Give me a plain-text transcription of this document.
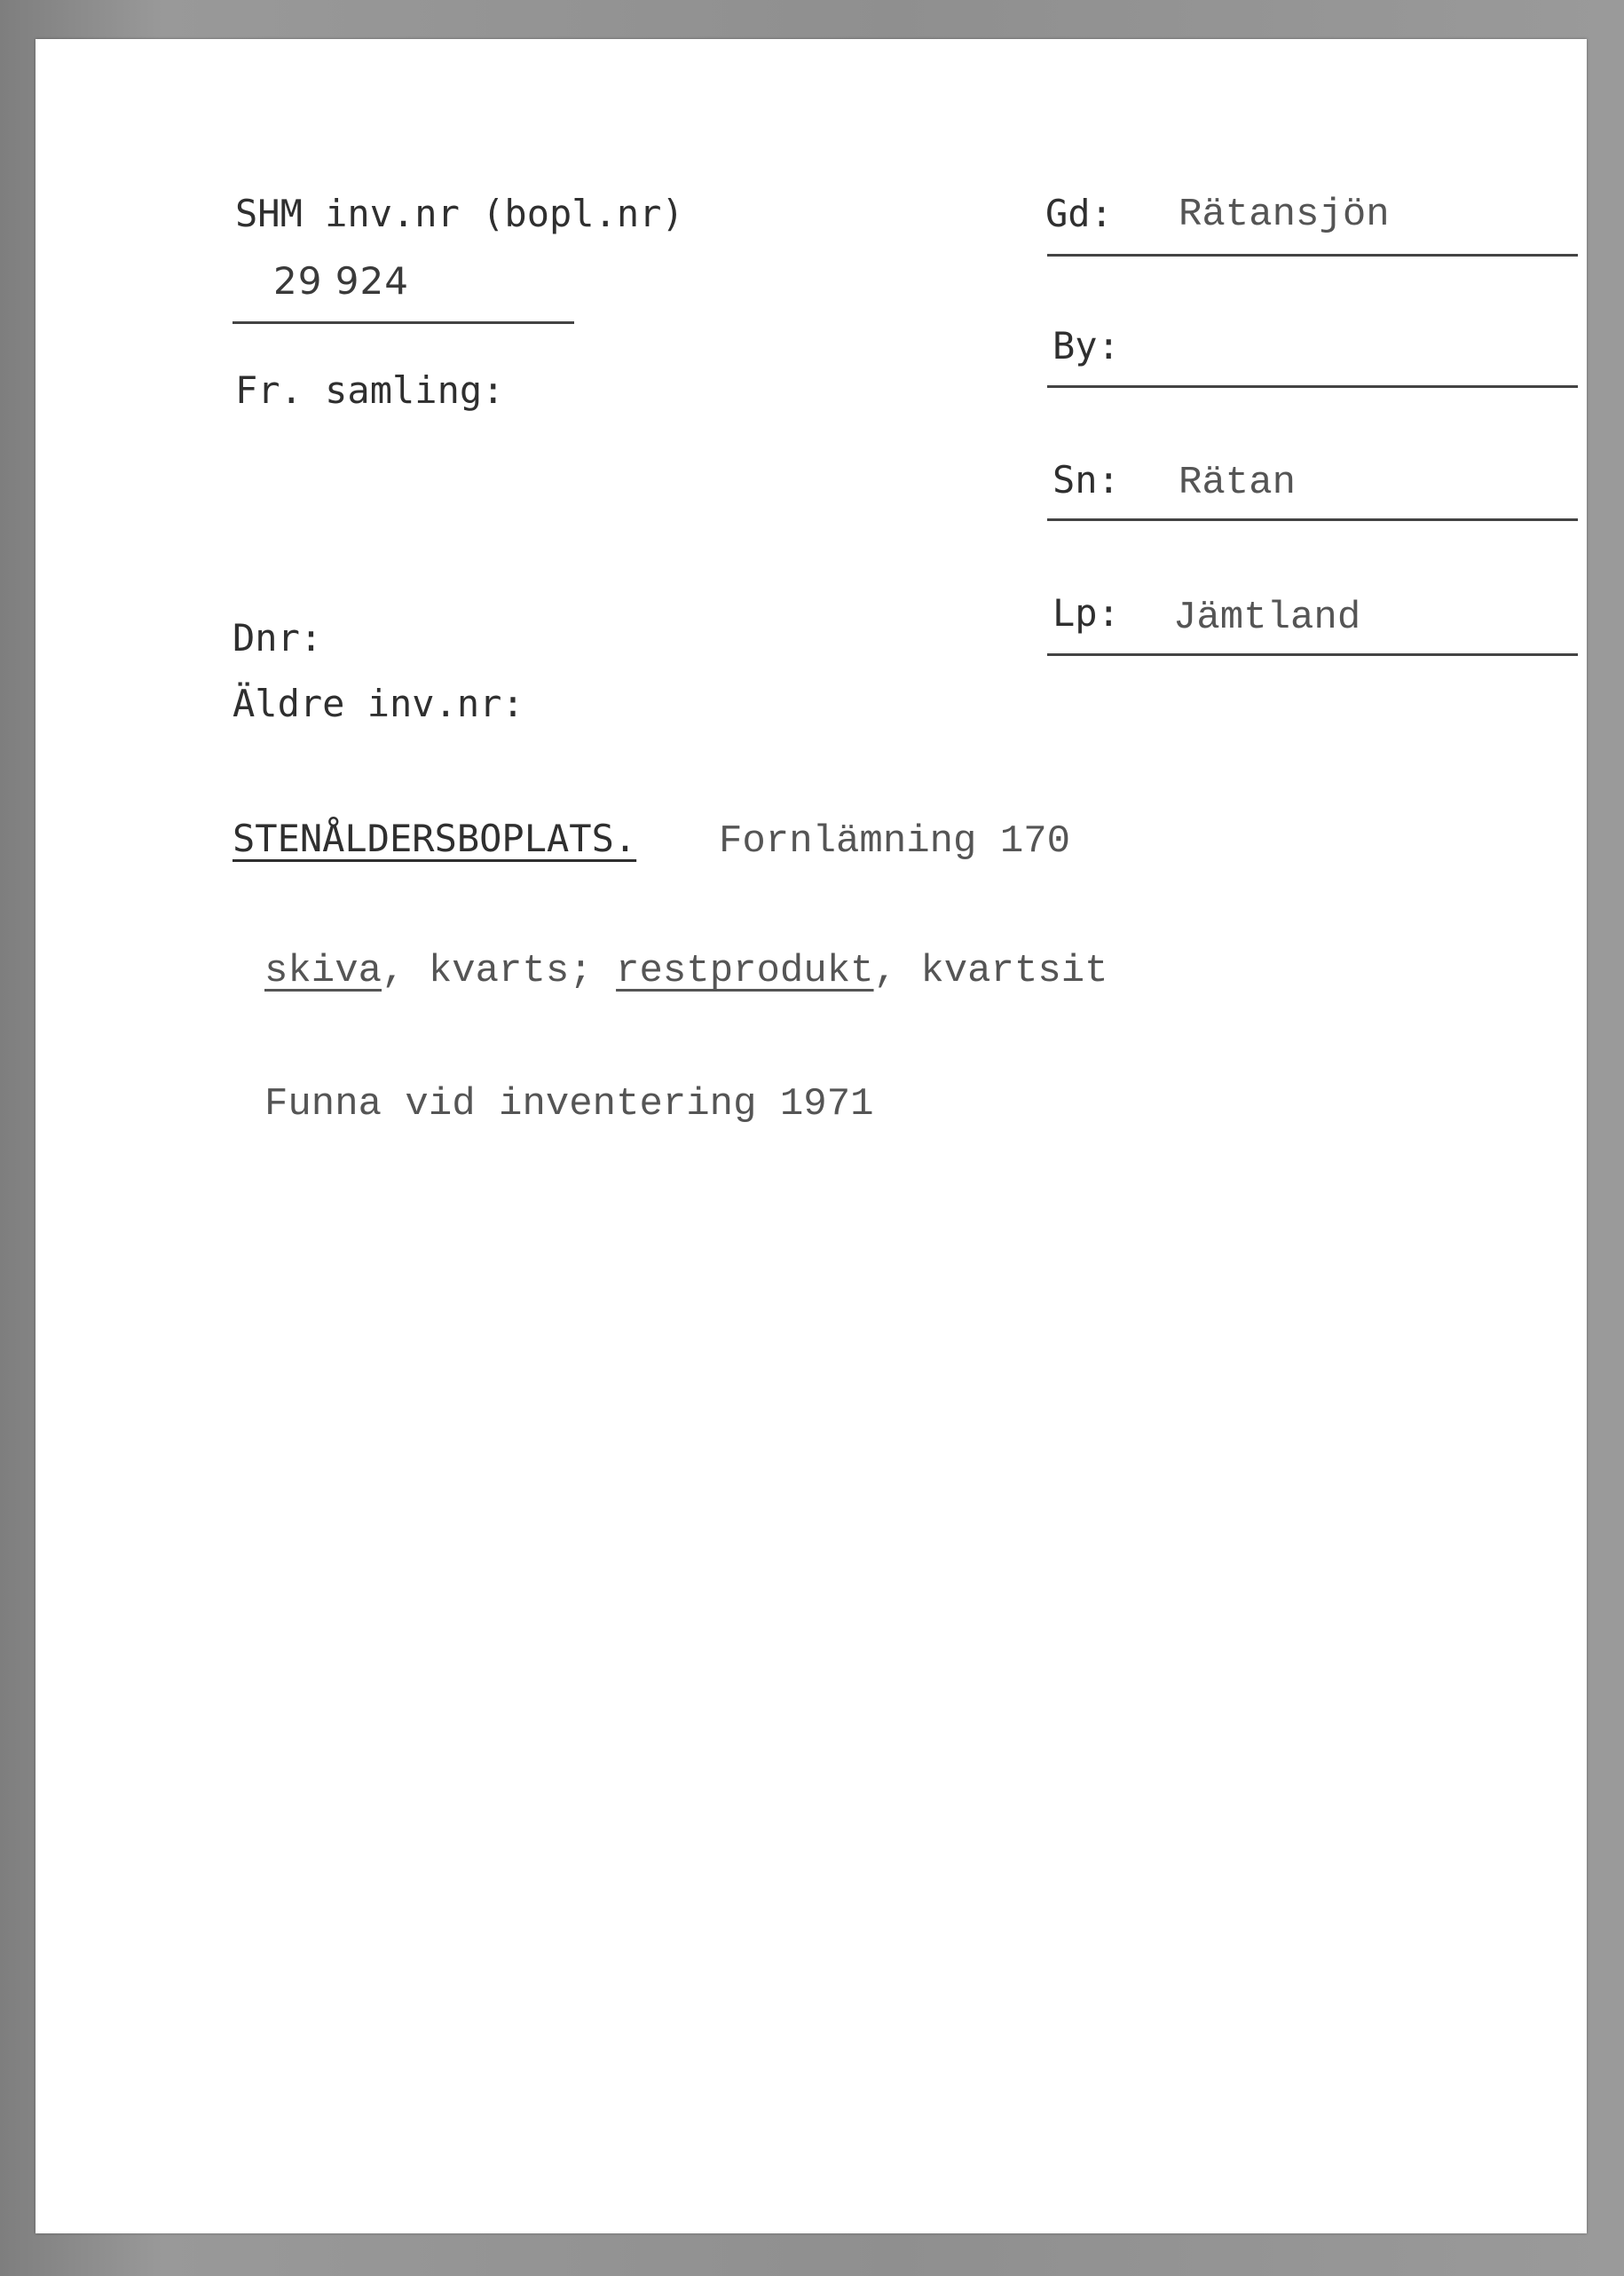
SHM inv.nr (bopl.nr)
29 924
Fr. samling:
Dnr:
Äldre inv.nr:
Gd:	Rätansjön
By:
Sn: Rätan
Lp: Jämtland
STENÅLDERSBOPLATS. Fornlämning 170
skiva, kvarts; restprodukt, kvartsit
Funna vid inventering 1971
